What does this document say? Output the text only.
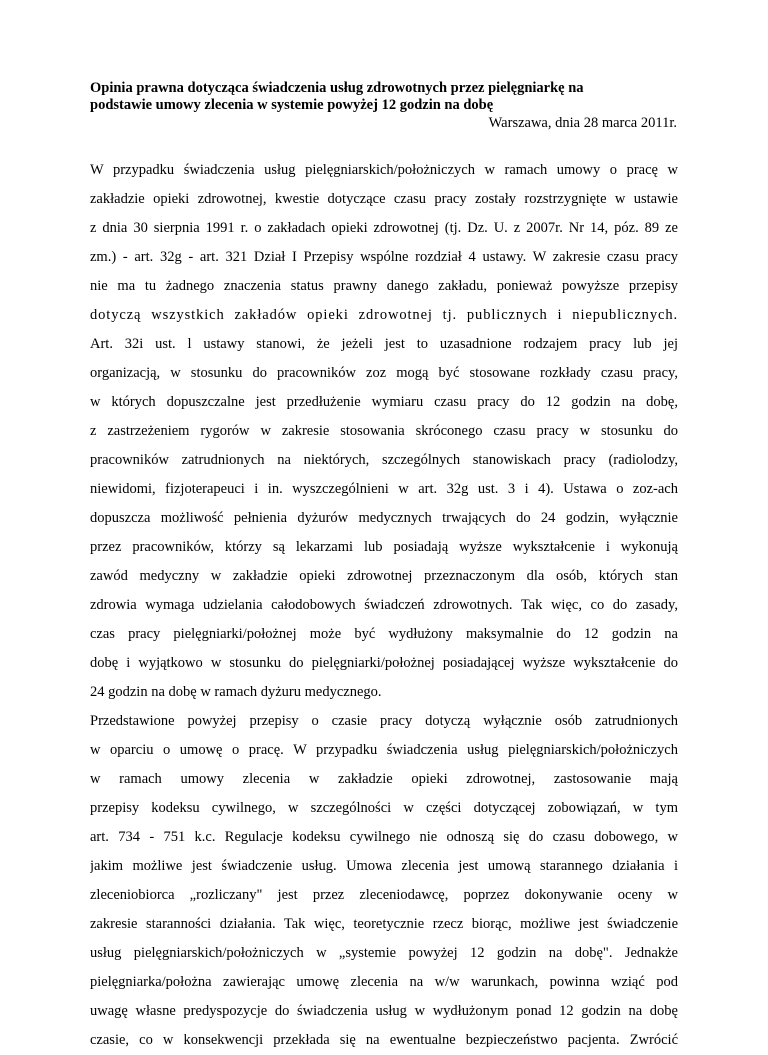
Opinia prawna dotycząca świadczenia usług zdrowotnych przez pielęgniarkę na
podstawie umowy zlecenia w systemie powyżej 12 godzin na dobę
Warszawa, dnia 28 marca 2011r.
W przypadku świadczenia usług pielęgniarskich/położniczych w ramach umowy o pracę w
zakładzie opieki zdrowotnej, kwestie dotyczące czasu pracy zostały rozstrzygnięte w ustawie
z dnia 30 sierpnia 1991 r. o zakładach opieki zdrowotnej (tj. Dz. U. z 2007r. Nr 14, póz. 89 ze
zm.) - art. 32g - art. 321 Dział I Przepisy wspólne rozdział 4 ustawy. W zakresie czasu pracy
nie ma tu żadnego znaczenia status prawny danego zakładu, ponieważ powyższe przepisy
dotyczą wszystkich zakładów opieki zdrowotnej tj. publicznych i niepublicznych.
Art. 32i ust. l ustawy stanowi, że jeżeli jest to uzasadnione rodzajem pracy lub jej
organizacją, w stosunku do pracowników zoz mogą być stosowane rozkłady czasu pracy,
w których dopuszczalne jest przedłużenie wymiaru czasu pracy do 12 godzin na dobę,
z zastrzeżeniem rygorów w zakresie stosowania skróconego czasu pracy w stosunku do
pracowników zatrudnionych na niektórych, szczególnych stanowiskach pracy (radiolodzy,
niewidomi, fizjoterapeuci i in. wyszczególnieni w art. 32g ust. 3 i 4). Ustawa o zoz-ach
dopuszcza możliwość pełnienia dyżurów medycznych trwających do 24 godzin, wyłącznie
przez pracowników, którzy są lekarzami lub posiadają wyższe wykształcenie i wykonują
zawód medyczny w zakładzie opieki zdrowotnej przeznaczonym dla osób, których stan
zdrowia wymaga udzielania całodobowych świadczeń zdrowotnych. Tak więc, co do zasady,
czas pracy pielęgniarki/położnej może być wydłużony maksymalnie do 12 godzin na
dobę i wyjątkowo w stosunku do pielęgniarki/położnej posiadającej wyższe wykształcenie do
24 godzin na dobę w ramach dyżuru medycznego.
Przedstawione powyżej przepisy o czasie pracy dotyczą wyłącznie osób zatrudnionych
w oparciu o umowę o pracę. W przypadku świadczenia usług pielęgniarskich/położniczych
w ramach umowy zlecenia w zakładzie opieki zdrowotnej, zastosowanie mają
przepisy kodeksu cywilnego, w szczególności w części dotyczącej zobowiązań, w tym
art. 734 - 751 k.c. Regulacje kodeksu cywilnego nie odnoszą się do czasu dobowego, w
jakim możliwe jest świadczenie usług. Umowa zlecenia jest umową starannego działania i
zleceniobiorca „rozliczany" jest przez zleceniodawcę, poprzez dokonywanie oceny w
zakresie staranności działania. Tak więc, teoretycznie rzecz biorąc, możliwe jest świadczenie
usług pielęgniarskich/położniczych w „systemie powyżej 12 godzin na dobę". Jednakże
pielęgniarka/położna zawierając umowę zlecenia na w/w warunkach, powinna wziąć pod
uwagę własne predyspozycje do świadczenia usług w wydłużonym ponad 12 godzin na dobę
czasie, co w konsekwencji przekłada się na ewentualne bezpieczeństwo pacjenta. Zwrócić
